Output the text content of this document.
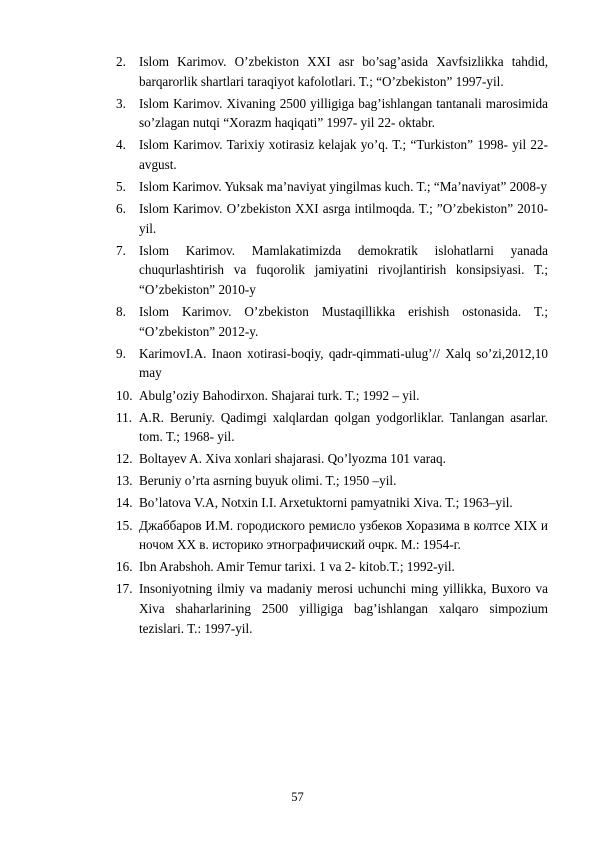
2. Islom Karimov. O’zbekiston XXI asr bo’sag’asida Xavfsizlikka tahdid, barqarorlik shartlari taraqiyot kafolotlari. T.; “O’zbekiston” 1997-yil.
3. Islom Karimov. Xivaning 2500 yilligiga bag’ishlangan tantanali marosimida so’zlagan nutqi “Xorazm haqiqati” 1997- yil 22- oktabr.
4. Islom Karimov. Tarixiy xotirasiz kelajak yo’q. T.; “Turkiston” 1998- yil 22- avgust.
5. Islom Karimov. Yuksak ma’naviyat yingilmas kuch. T.; “Ma’naviyat” 2008-y
6. Islom Karimov. O’zbekiston XXI asrga intilmoqda. T.; ”O’zbekiston” 2010-yil.
7. Islom Karimov. Mamlakatimizda demokratik islohatlarni yanada chuqurlashtirish va fuqorolik jamiyatini rivojlantirish konsipsiyasi. T.; “O’zbekiston” 2010-y
8. Islom Karimov. O’zbekiston Mustaqillikka erishish ostonasida. T.; “O’zbekiston” 2012-y.
9. KarimovI.A. Inaon xotirasi-boqiy, qadr-qimmati-ulug’// Xalq so’zi,2012,10 may
10. Abulg’oziy Bahodirxon. Shajarai turk. T.; 1992 – yil.
11. A.R. Beruniy. Qadimgi xalqlardan qolgan yodgorliklar. Tanlangan asarlar. tom. T.; 1968- yil.
12. Boltayev A. Xiva xonlari shajarasi. Qo’lyozma 101 varaq.
13. Beruniy o’rta asrning buyuk olimi. T.; 1950 –yil.
14. Bo’latova V.A, Notxin I.I. Arxetuktorni pamyatniki Xiva. T.; 1963–yil.
15. Джаббаров И.М. городиского ремисло узбеков Хоразима в колтсе XIX и ночом XX в. историко этнографичиский очрк. М.: 1954-г.
16. Ibn Arabshoh. Amir Temur tarixi. 1 va 2- kitob.T.; 1992-yil.
17. Insoniyotning ilmiy va madaniy merosi uchunchi ming yillikka, Buxoro va Xiva shaharlarining 2500 yilligiga bag’ishlangan xalqaro simpozium tezislari. T.: 1997-yil.
57
